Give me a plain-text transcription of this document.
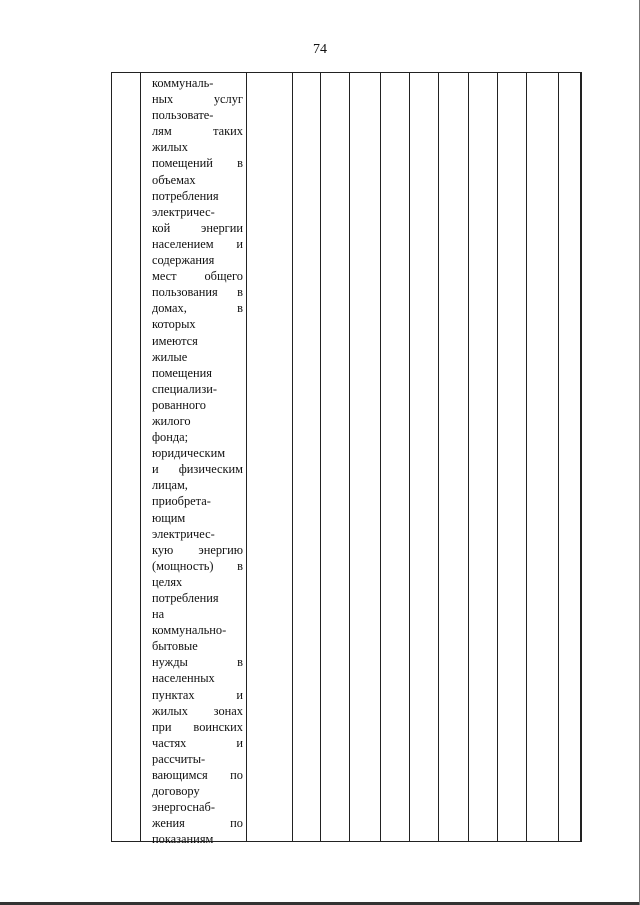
74
коммуналь-
ных услуг
пользовате-
лям таких
жилых
помещений в
объемах
потребления
электричес-
кой энергии
населением и
содержания
мест общего
пользования в
домах, в
которых
имеются
жилые
помещения
специализи-
рованного
жилого
фонда;
юридическим
и физическим
лицам,
приобрета-
ющим
электричес-
кую энергию
(мощность) в
целях
потребления
на
коммунально-
бытовые
нужды в
населенных
пунктах и
жилых зонах
при воинских
частях и
рассчиты-
вающимся по
договору
энергоснаб-
жения по
показаниям
